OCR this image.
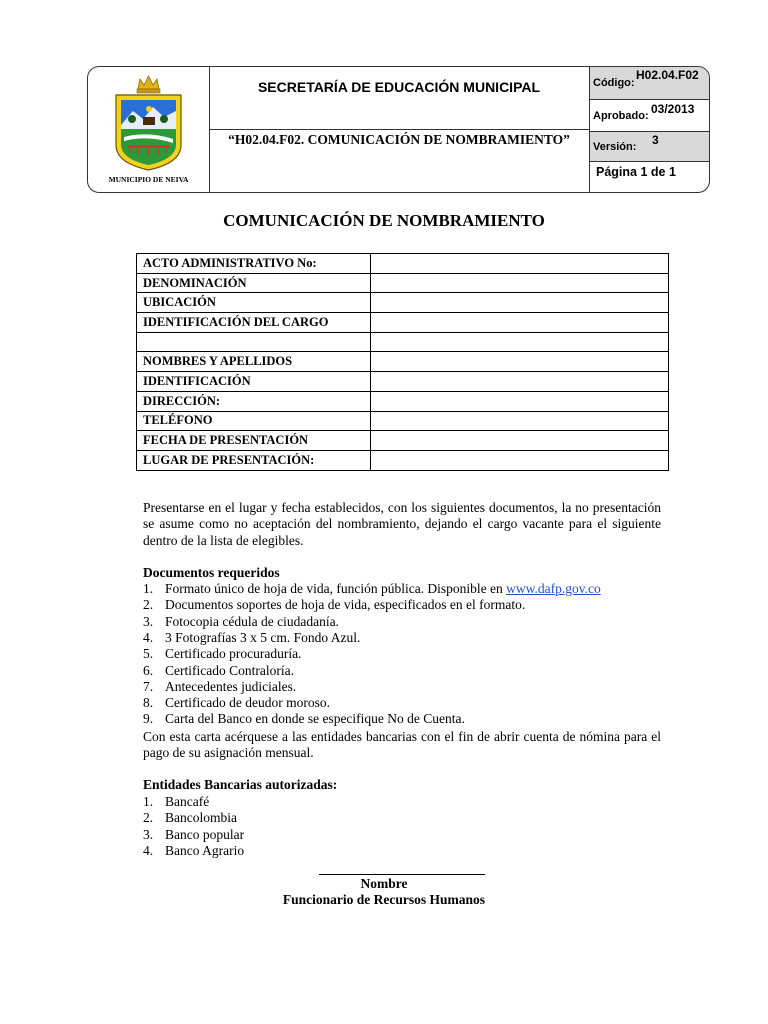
MUNICIPIO DE NEIVA
SECRETARÍA DE EDUCACIÓN MUNICIPAL
“H02.04.F02. COMUNICACIÓN DE NOMBRAMIENTO”
Código:
H02.04.F02
Aprobado: 03/2013
Versión: 3
Página 1 de 1
COMUNICACIÓN DE NOMBRAMIENTO
ACTO ADMINISTRATIVO No:	
DENOMINACIÓN	
UBICACIÓN	
IDENTIFICACIÓN DEL CARGO	

NOMBRES Y APELLIDOS	
IDENTIFICACIÓN	
DIRECCIÓN:	
TELÉFONO	
FECHA DE PRESENTACIÓN	
LUGAR DE PRESENTACIÓN:	
Presentarse en el lugar y fecha establecidos, con los siguientes documentos, la no presentación se asume como no aceptación del nombramiento, dejando el cargo vacante para el siguiente dentro de la lista de elegibles.
Documentos requeridos
1. Formato único de hoja de vida, función pública. Disponible en www.dafp.gov.co
2. Documentos soportes de hoja de vida, especificados en el formato.
3. Fotocopia cédula de ciudadanía.
4. 3 Fotografías 3 x 5 cm. Fondo Azul.
5. Certificado procuraduría.
6. Certificado Contraloría.
7. Antecedentes judiciales.
8. Certificado de deudor moroso.
9. Carta del Banco en donde se especifique No de Cuenta.
Con esta carta acérquese a las entidades bancarias con el fin de abrir cuenta de nómina para el pago de su asignación mensual.
Entidades Bancarias autorizadas:
1. Bancafé
2. Bancolombia
3. Banco popular
4. Banco Agrario
Nombre
Funcionario de Recursos Humanos
